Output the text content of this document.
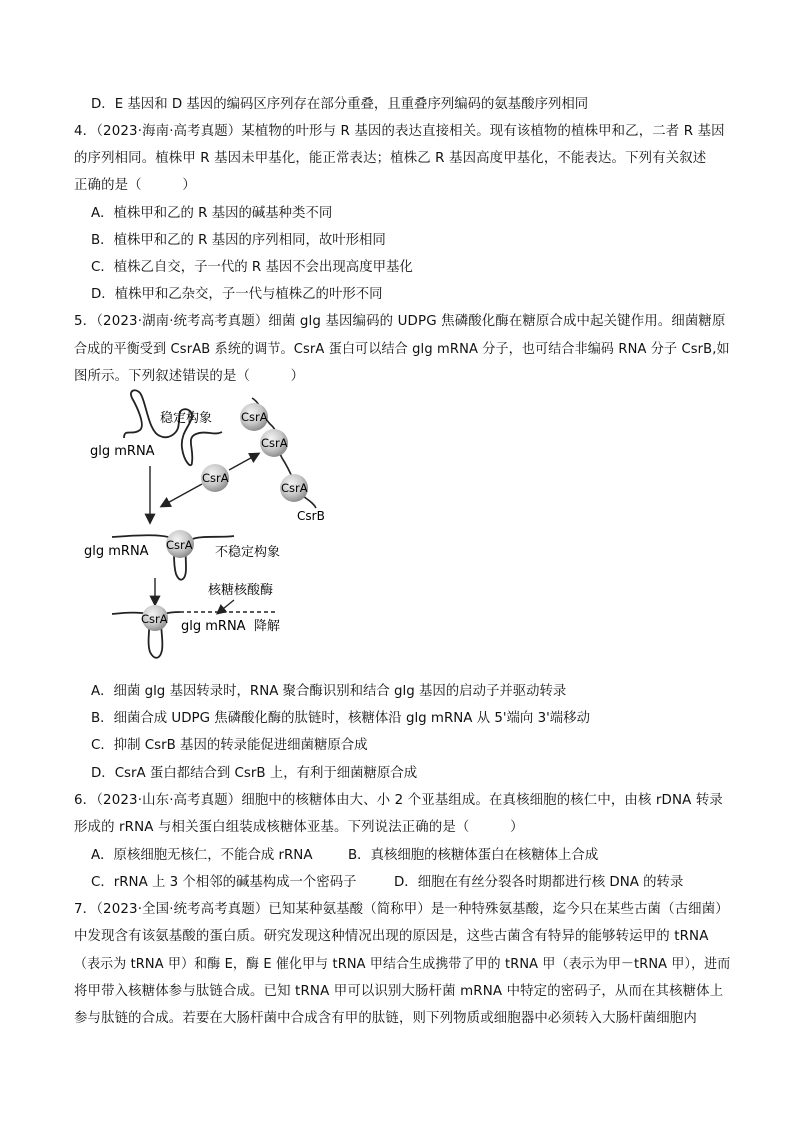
D．E 基因和 D 基因的编码区序列存在部分重叠，且重叠序列编码的氨基酸序列相同
4．（2023·海南·高考真题）某植物的叶形与 R 基因的表达直接相关。现有该植物的植株甲和乙，二者 R 基因
的序列相同。植株甲 R 基因未甲基化，能正常表达；植株乙 R 基因高度甲基化，不能表达。下列有关叙述
正确的是（　　　）
A．植株甲和乙的 R 基因的碱基种类不同
B．植株甲和乙的 R 基因的序列相同，故叶形相同
C．植株乙自交，子一代的 R 基因不会出现高度甲基化
D．植株甲和乙杂交，子一代与植株乙的叶形不同
5．（2023·湖南·统考高考真题）细菌 glg 基因编码的 UDPG 焦磷酸化酶在糖原合成中起关键作用。细菌糖原
合成的平衡受到 CsrAB 系统的调节。CsrA 蛋白可以结合 glg mRNA 分子，也可结合非编码 RNA 分子 CsrB,如
图所示。下列叙述错误的是（　　　）
稳定构象
glg mRNA
CsrA
CsrA
CsrA
CsrB
CsrA
CsrA
glg mRNA	不稳定构象
核糖核酸酶
CsrA glg mRNA 降解
A．细菌 glg 基因转录时，RNA 聚合酶识别和结合 glg 基因的启动子并驱动转录
B．细菌合成 UDPG 焦磷酸化酶的肽链时，核糖体沿 glg mRNA 从 5'端向 3'端移动
C．抑制 CsrB 基因的转录能促进细菌糖原合成
D．CsrA 蛋白都结合到 CsrB 上，有利于细菌糖原合成
6．（2023·山东·高考真题）细胞中的核糖体由大、小 2 个亚基组成。在真核细胞的核仁中，由核 rDNA 转录
形成的 rRNA 与相关蛋白组装成核糖体亚基。下列说法正确的是（　　　）
A．原核细胞无核仁，不能合成 rRNA	B．真核细胞的核糖体蛋白在核糖体上合成
C．rRNA 上 3 个相邻的碱基构成一个密码子	D．细胞在有丝分裂各时期都进行核 DNA 的转录
7．（2023·全国·统考高考真题）已知某种氨基酸（简称甲）是一种特殊氨基酸，迄今只在某些古菌（古细菌）
中发现含有该氨基酸的蛋白质。研究发现这种情况出现的原因是，这些古菌含有特异的能够转运甲的 tRNA
（表示为 tRNA 甲）和酶 E，酶 E 催化甲与 tRNA 甲结合生成携带了甲的 tRNA 甲（表示为甲－tRNA 甲），进而
将甲带入核糖体参与肽链合成。已知 tRNA 甲可以识别大肠杆菌 mRNA 中特定的密码子，从而在其核糖体上
参与肽链的合成。若要在大肠杆菌中合成含有甲的肽链，则下列物质或细胞器中必须转入大肠杆菌细胞内
